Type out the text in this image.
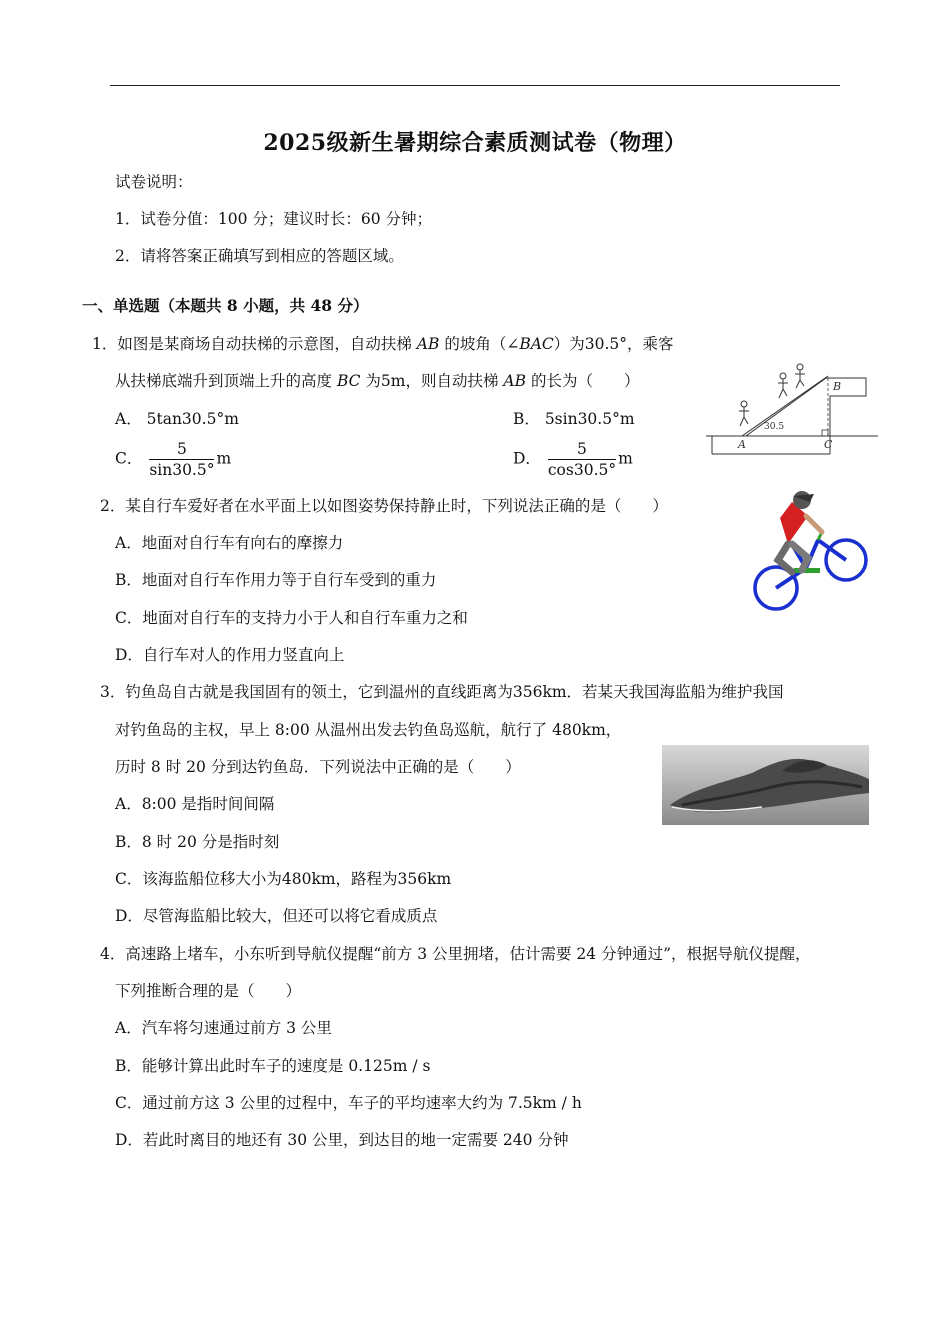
2025级新生暑期综合素质测试卷（物理）
试卷说明：
1．试卷分值：100 分；建议时长：60 分钟；
2．请将答案正确填写到相应的答题区域。
一、单选题（本题共 8 小题，共 48 分）
1．如图是某商场自动扶梯的示意图，自动扶梯 AB 的坡角（∠BAC）为30.5°，乘客
从扶梯底端升到顶端上升的高度 BC 为5m，则自动扶梯 AB 的长为（　　）
A． 5tan30.5°m	B． 5sin30.5°m
C． $\frac{5}{\sin 30.5^\circ}$ m	D． $\frac{5}{\cos 30.5^\circ}$ m
30.5
A
B
C
2．某自行车爱好者在水平面上以如图姿势保持静止时，下列说法正确的是（　　）
A．地面对自行车有向右的摩擦力
B．地面对自行车作用力等于自行车受到的重力
C．地面对自行车的支持力小于人和自行车重力之和
D．自行车对人的作用力竖直向上
3．钓鱼岛自古就是我国固有的领土，它到温州的直线距离为356km．若某天我国海监船为维护我国
对钓鱼岛的主权，早上 8:00 从温州出发去钓鱼岛巡航，航行了 480km，
历时 8 时 20 分到达钓鱼岛．下列说法中正确的是（　　）
A．8:00 是指时间间隔
B．8 时 20 分是指时刻
C．该海监船位移大小为480km，路程为356km
D．尽管海监船比较大，但还可以将它看成质点
4．高速路上堵车，小东听到导航仪提醒“前方 3 公里拥堵，估计需要 24 分钟通过”，根据导航仪提醒，
下列推断合理的是（　　）
A．汽车将匀速通过前方 3 公里
B．能够计算出此时车子的速度是 0.125m / s
C．通过前方这 3 公里的过程中，车子的平均速率大约为 7.5km / h
D．若此时离目的地还有 30 公里，到达目的地一定需要 240 分钟
